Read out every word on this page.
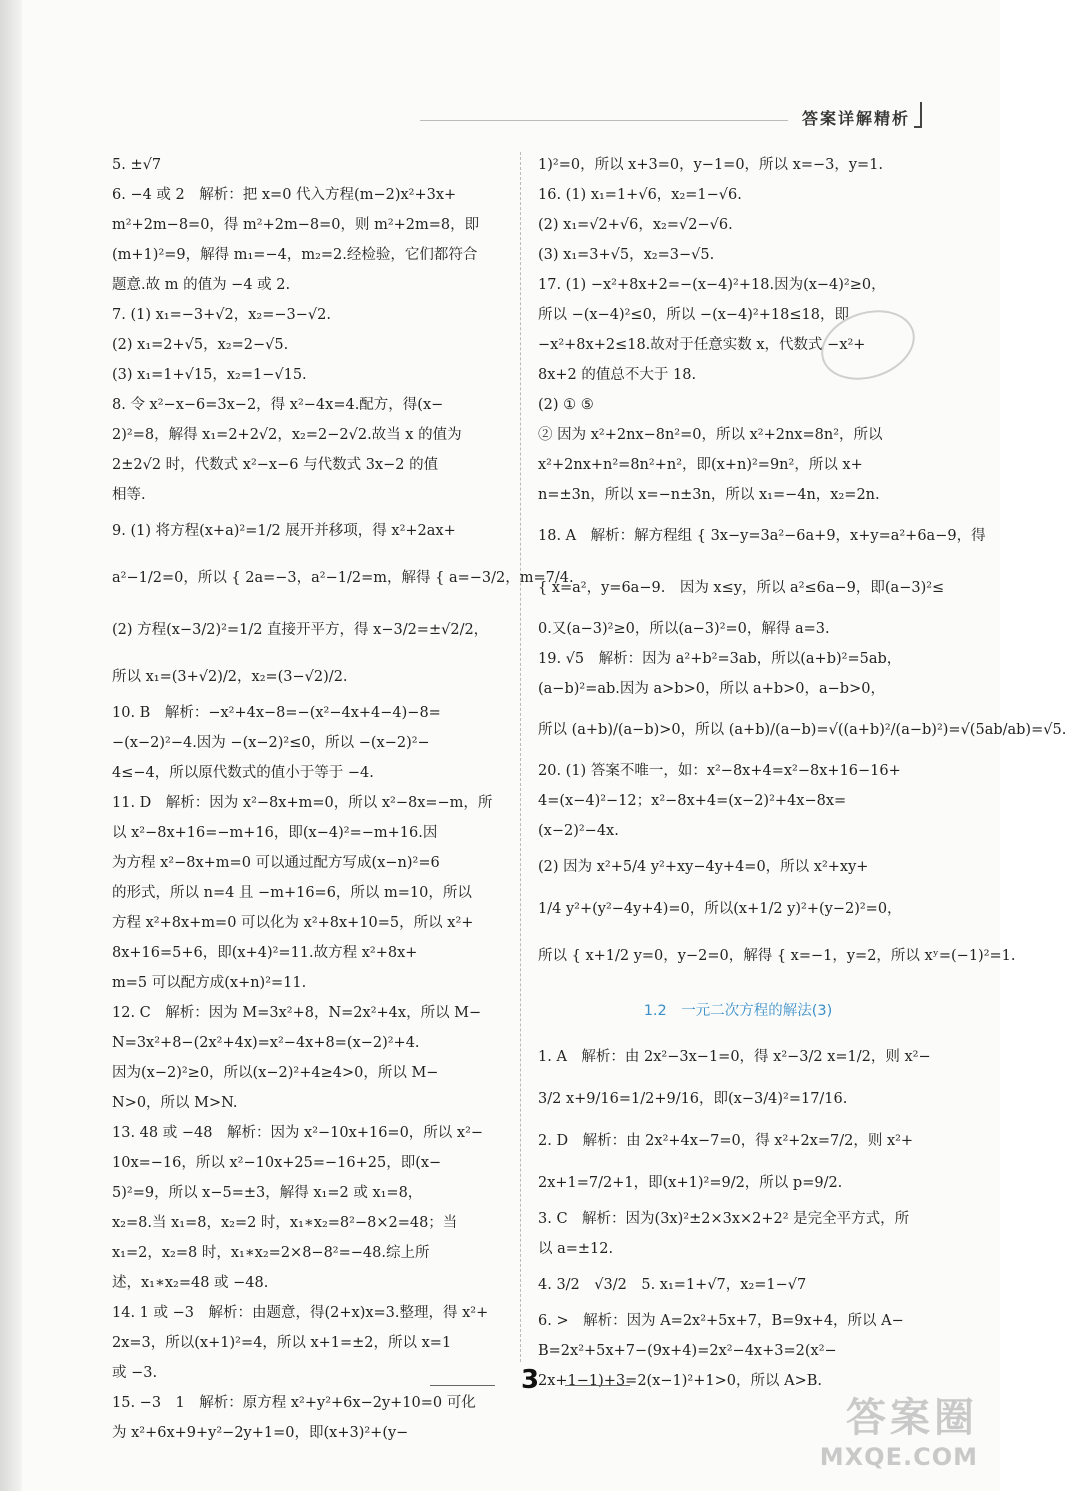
答案详解精析
5. ±√7
6. −4 或 2　解析：把 x=0 代入方程(m−2)x²+3x+
m²+2m−8=0，得 m²+2m−8=0，则 m²+2m=8，即
(m+1)²=9，解得 m₁=−4，m₂=2.经检验，它们都符合
题意.故 m 的值为 −4 或 2.
7. (1) x₁=−3+√2，x₂=−3−√2.
(2) x₁=2+√5，x₂=2−√5.
(3) x₁=1+√15，x₂=1−√15.
8. 令 x²−x−6=3x−2，得 x²−4x=4.配方，得(x−
2)²=8，解得 x₁=2+2√2，x₂=2−2√2.故当 x 的值为
2±2√2 时，代数式 x²−x−6 与代数式 3x−2 的值
相等.
9. (1) 将方程(x+a)²=1/2 展开并移项，得 x²+2ax+
a²−1/2=0，所以 { 2a=−3，a²−1/2=m，解得 { a=−3/2，m=7/4.
(2) 方程(x−3/2)²=1/2 直接开平方，得 x−3/2=±√2/2，
所以 x₁=(3+√2)/2，x₂=(3−√2)/2.
10. B　解析：−x²+4x−8=−(x²−4x+4−4)−8=
−(x−2)²−4.因为 −(x−2)²≤0，所以 −(x−2)²−
4≤−4，所以原代数式的值小于等于 −4.
11. D　解析：因为 x²−8x+m=0，所以 x²−8x=−m，所
以 x²−8x+16=−m+16，即(x−4)²=−m+16.因
为方程 x²−8x+m=0 可以通过配方写成(x−n)²=6
的形式，所以 n=4 且 −m+16=6，所以 m=10，所以
方程 x²+8x+m=0 可以化为 x²+8x+10=5，所以 x²+
8x+16=5+6，即(x+4)²=11.故方程 x²+8x+
m=5 可以配方成(x+n)²=11.
12. C　解析：因为 M=3x²+8，N=2x²+4x，所以 M−
N=3x²+8−(2x²+4x)=x²−4x+8=(x−2)²+4.
因为(x−2)²≥0，所以(x−2)²+4≥4>0，所以 M−
N>0，所以 M>N.
13. 48 或 −48　解析：因为 x²−10x+16=0，所以 x²−
10x=−16，所以 x²−10x+25=−16+25，即(x−
5)²=9，所以 x−5=±3，解得 x₁=2 或 x₁=8，
x₂=8.当 x₁=8，x₂=2 时，x₁∗x₂=8²−8×2=48；当
x₁=2，x₂=8 时，x₁∗x₂=2×8−8²=−48.综上所
述，x₁∗x₂=48 或 −48.
14. 1 或 −3　解析：由题意，得(2+x)x=3.整理，得 x²+
2x=3，所以(x+1)²=4，所以 x+1=±2，所以 x=1
或 −3.
15. −3　1　解析：原方程 x²+y²+6x−2y+10=0 可化
为 x²+6x+9+y²−2y+1=0，即(x+3)²+(y−
1)²=0，所以 x+3=0，y−1=0，所以 x=−3，y=1.
16. (1) x₁=1+√6，x₂=1−√6.
(2) x₁=√2+√6，x₂=√2−√6.
(3) x₁=3+√5，x₂=3−√5.
17. (1) −x²+8x+2=−(x−4)²+18.因为(x−4)²≥0，
所以 −(x−4)²≤0，所以 −(x−4)²+18≤18，即
−x²+8x+2≤18.故对于任意实数 x，代数式 −x²+
8x+2 的值总不大于 18.
(2) ① ⑤
② 因为 x²+2nx−8n²=0，所以 x²+2nx=8n²，所以
x²+2nx+n²=8n²+n²，即(x+n)²=9n²，所以 x+
n=±3n，所以 x=−n±3n，所以 x₁=−4n，x₂=2n.
18. A　解析：解方程组 { 3x−y=3a²−6a+9，x+y=a²+6a−9，得
{ x=a²，y=6a−9.　因为 x≤y，所以 a²≤6a−9，即(a−3)²≤
0.又(a−3)²≥0，所以(a−3)²=0，解得 a=3.
19. √5　解析：因为 a²+b²=3ab，所以(a+b)²=5ab，
(a−b)²=ab.因为 a>b>0，所以 a+b>0，a−b>0，
所以 (a+b)/(a−b)>0，所以 (a+b)/(a−b)=√((a+b)²/(a−b)²)=√(5ab/ab)=√5.
20. (1) 答案不唯一，如：x²−8x+4=x²−8x+16−16+
4=(x−4)²−12；x²−8x+4=(x−2)²+4x−8x=
(x−2)²−4x.
(2) 因为 x²+5/4 y²+xy−4y+4=0，所以 x²+xy+
1/4 y²+(y²−4y+4)=0，所以(x+1/2 y)²+(y−2)²=0，
所以 { x+1/2 y=0，y−2=0，解得 { x=−1，y=2，所以 xʸ=(−1)²=1.
1.2　一元二次方程的解法(3)
1. A　解析：由 2x²−3x−1=0，得 x²−3/2 x=1/2，则 x²−
3/2 x+9/16=1/2+9/16，即(x−3/4)²=17/16.
2. D　解析：由 2x²+4x−7=0，得 x²+2x=7/2，则 x²+
2x+1=7/2+1，即(x+1)²=9/2，所以 p=9/2.
3. C　解析：因为(3x)²±2×3x×2+2² 是完全平方式，所
以 a=±12.
4. 3/2　√3/2　5. x₁=1+√7，x₂=1−√7
6. >　解析：因为 A=2x²+5x+7，B=9x+4，所以 A−
B=2x²+5x+7−(9x+4)=2x²−4x+3=2(x²−
2x+1−1)+3=2(x−1)²+1>0，所以 A>B.
3
答案圈
MXQE.COM
